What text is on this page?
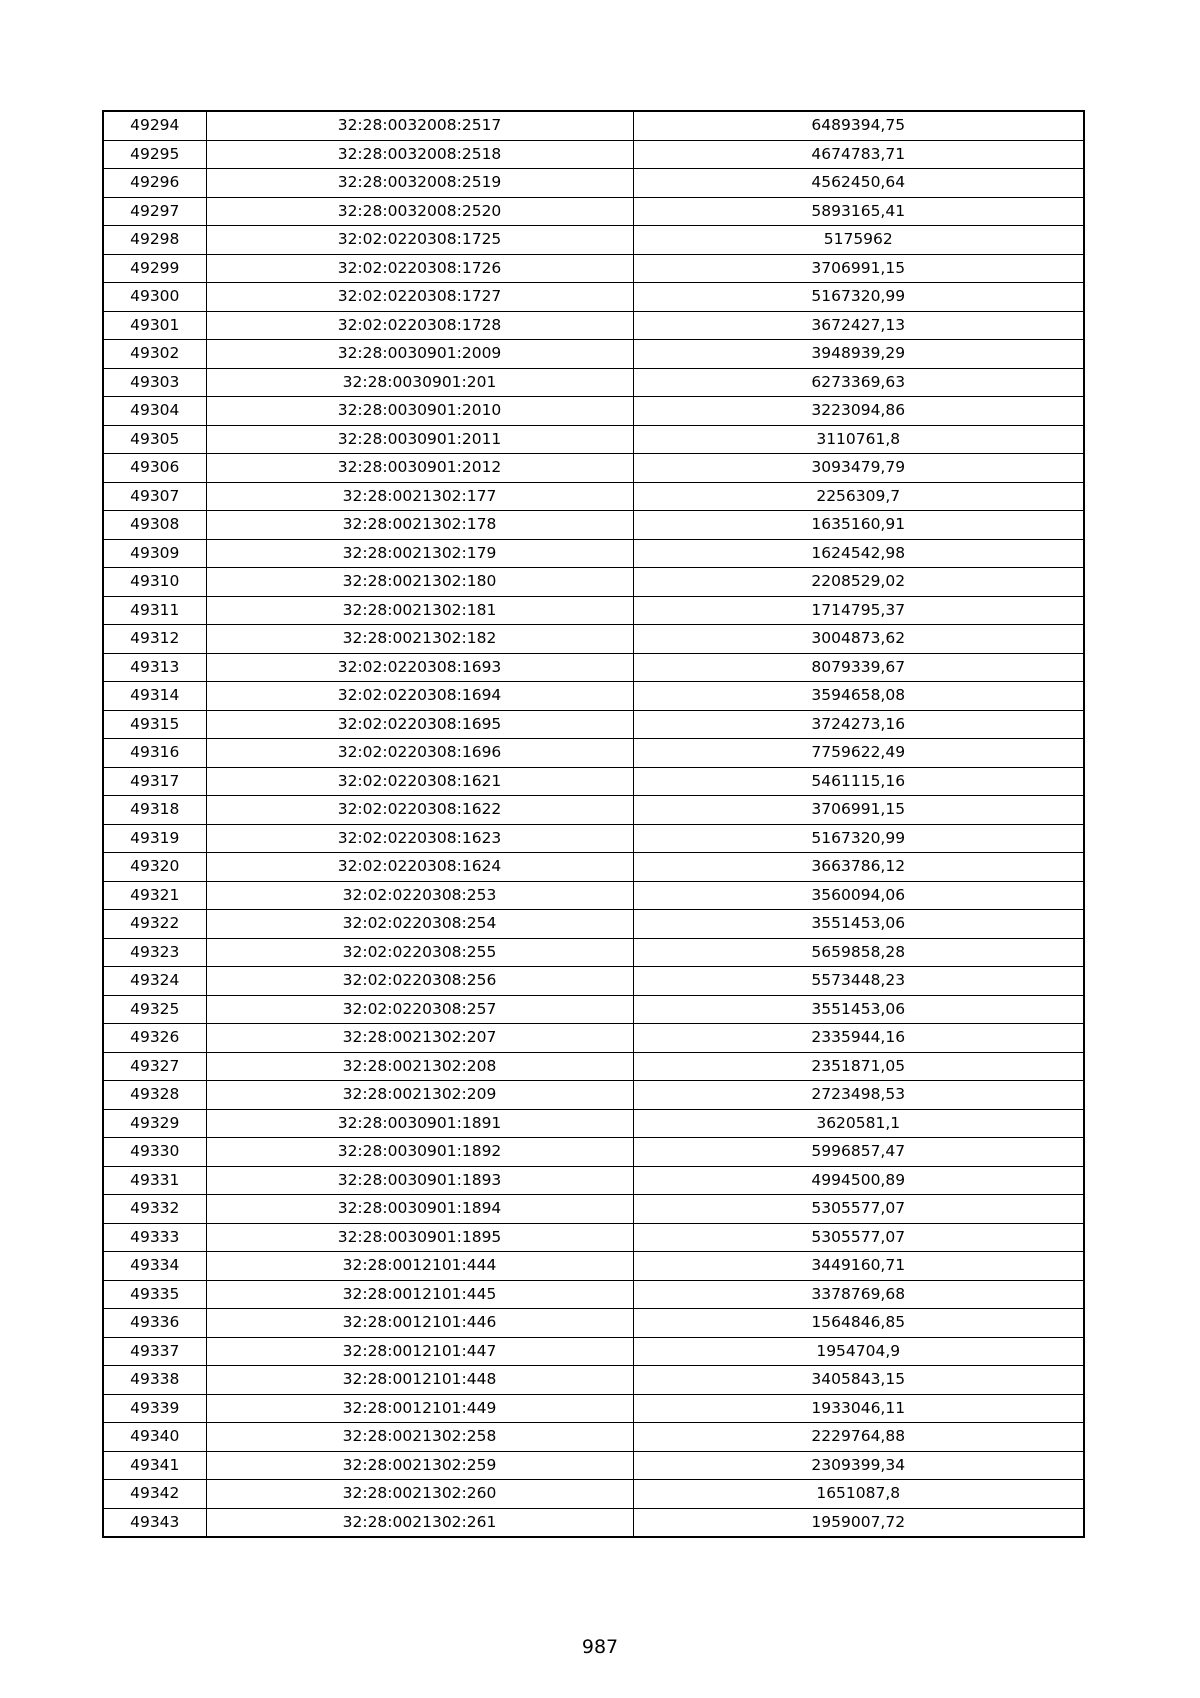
49294	32:28:0032008:2517	6489394,75
49295	32:28:0032008:2518	4674783,71
49296	32:28:0032008:2519	4562450,64
49297	32:28:0032008:2520	5893165,41
49298	32:02:0220308:1725	5175962
49299	32:02:0220308:1726	3706991,15
49300	32:02:0220308:1727	5167320,99
49301	32:02:0220308:1728	3672427,13
49302	32:28:0030901:2009	3948939,29
49303	32:28:0030901:201	6273369,63
49304	32:28:0030901:2010	3223094,86
49305	32:28:0030901:2011	3110761,8
49306	32:28:0030901:2012	3093479,79
49307	32:28:0021302:177	2256309,7
49308	32:28:0021302:178	1635160,91
49309	32:28:0021302:179	1624542,98
49310	32:28:0021302:180	2208529,02
49311	32:28:0021302:181	1714795,37
49312	32:28:0021302:182	3004873,62
49313	32:02:0220308:1693	8079339,67
49314	32:02:0220308:1694	3594658,08
49315	32:02:0220308:1695	3724273,16
49316	32:02:0220308:1696	7759622,49
49317	32:02:0220308:1621	5461115,16
49318	32:02:0220308:1622	3706991,15
49319	32:02:0220308:1623	5167320,99
49320	32:02:0220308:1624	3663786,12
49321	32:02:0220308:253	3560094,06
49322	32:02:0220308:254	3551453,06
49323	32:02:0220308:255	5659858,28
49324	32:02:0220308:256	5573448,23
49325	32:02:0220308:257	3551453,06
49326	32:28:0021302:207	2335944,16
49327	32:28:0021302:208	2351871,05
49328	32:28:0021302:209	2723498,53
49329	32:28:0030901:1891	3620581,1
49330	32:28:0030901:1892	5996857,47
49331	32:28:0030901:1893	4994500,89
49332	32:28:0030901:1894	5305577,07
49333	32:28:0030901:1895	5305577,07
49334	32:28:0012101:444	3449160,71
49335	32:28:0012101:445	3378769,68
49336	32:28:0012101:446	1564846,85
49337	32:28:0012101:447	1954704,9
49338	32:28:0012101:448	3405843,15
49339	32:28:0012101:449	1933046,11
49340	32:28:0021302:258	2229764,88
49341	32:28:0021302:259	2309399,34
49342	32:28:0021302:260	1651087,8
49343	32:28:0021302:261	1959007,72
987
